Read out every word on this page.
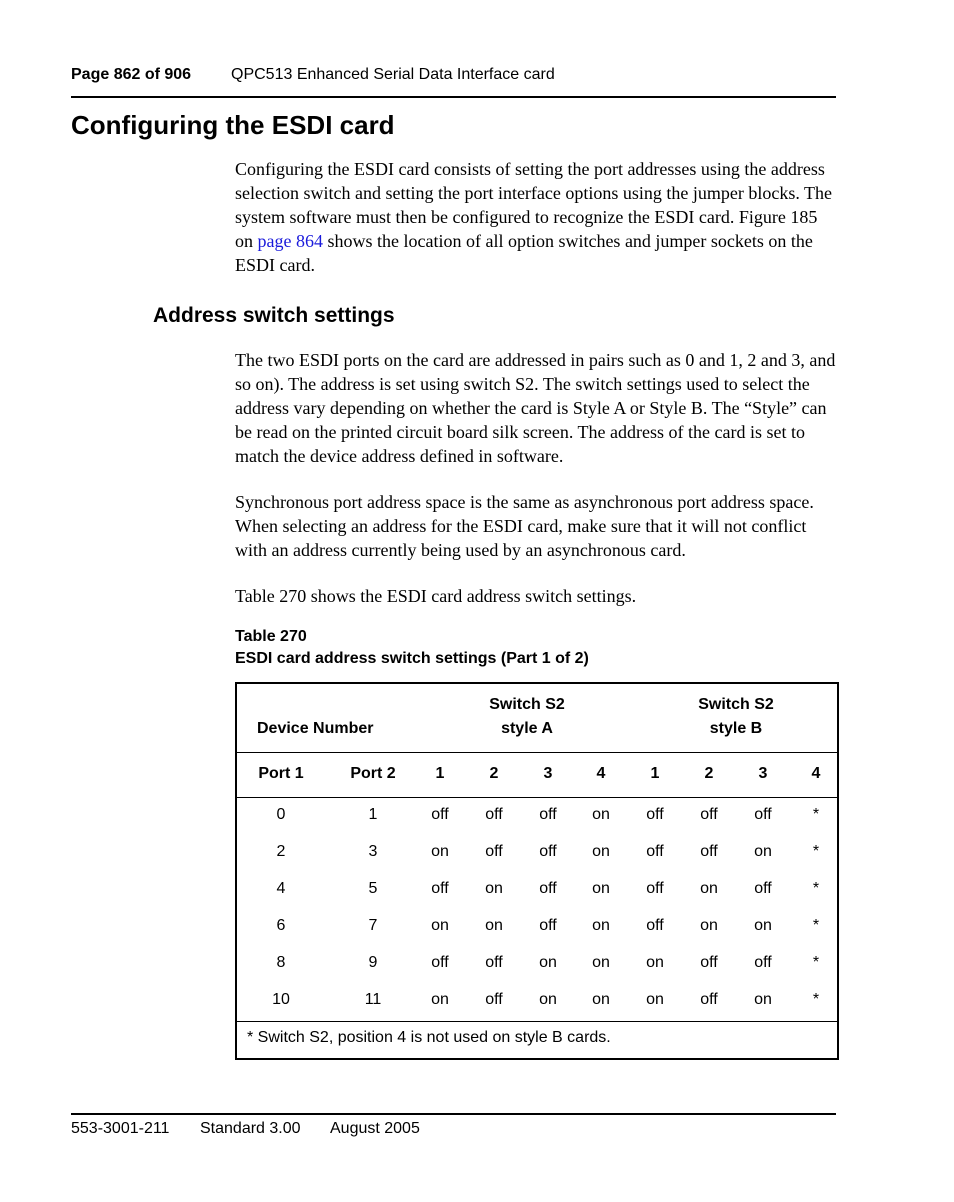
Page 862 of 906 QPC513 Enhanced Serial Data Interface card
Configuring the ESDI card

Configuring the ESDI card consists of setting the port addresses using the address selection switch and setting the port interface options using the jumper blocks. The system software must then be configured to recognize the ESDI card. Figure 185 on page 864 shows the location of all option switches and jumper sockets on the ESDI card.

Address switch settings

The two ESDI ports on the card are addressed in pairs such as 0 and 1, 2 and 3, and so on). The address is set using switch S2. The switch settings used to select the address vary depending on whether the card is Style A or Style B. The “Style” can be read on the printed circuit board silk screen. The address of the card is set to match the device address defined in software.

Synchronous port address space is the same as asynchronous port address space. When selecting an address for the ESDI card, make sure that it will not conflict with an address currently being used by an asynchronous card.

Table 270 shows the ESDI card address switch settings.

Table 270
ESDI card address switch settings (Part 1 of 2)
Device Number
Switch S2
style A
Switch S2
style B
Port 1	Port 2	1	2	3	4	1	2	3	4
0	1	off	off	off	on	off	off	off	*
2	3	on	off	off	on	off	off	on	*
4	5	off	on	off	on	off	on	off	*
6	7	on	on	off	on	off	on	on	*
8	9	off	off	on	on	on	off	off	*
10	11	on	off	on	on	on	off	on	*
* Switch S2, position 4 is not used on style B cards.
553-3001-211 Standard 3.00 August 2005
